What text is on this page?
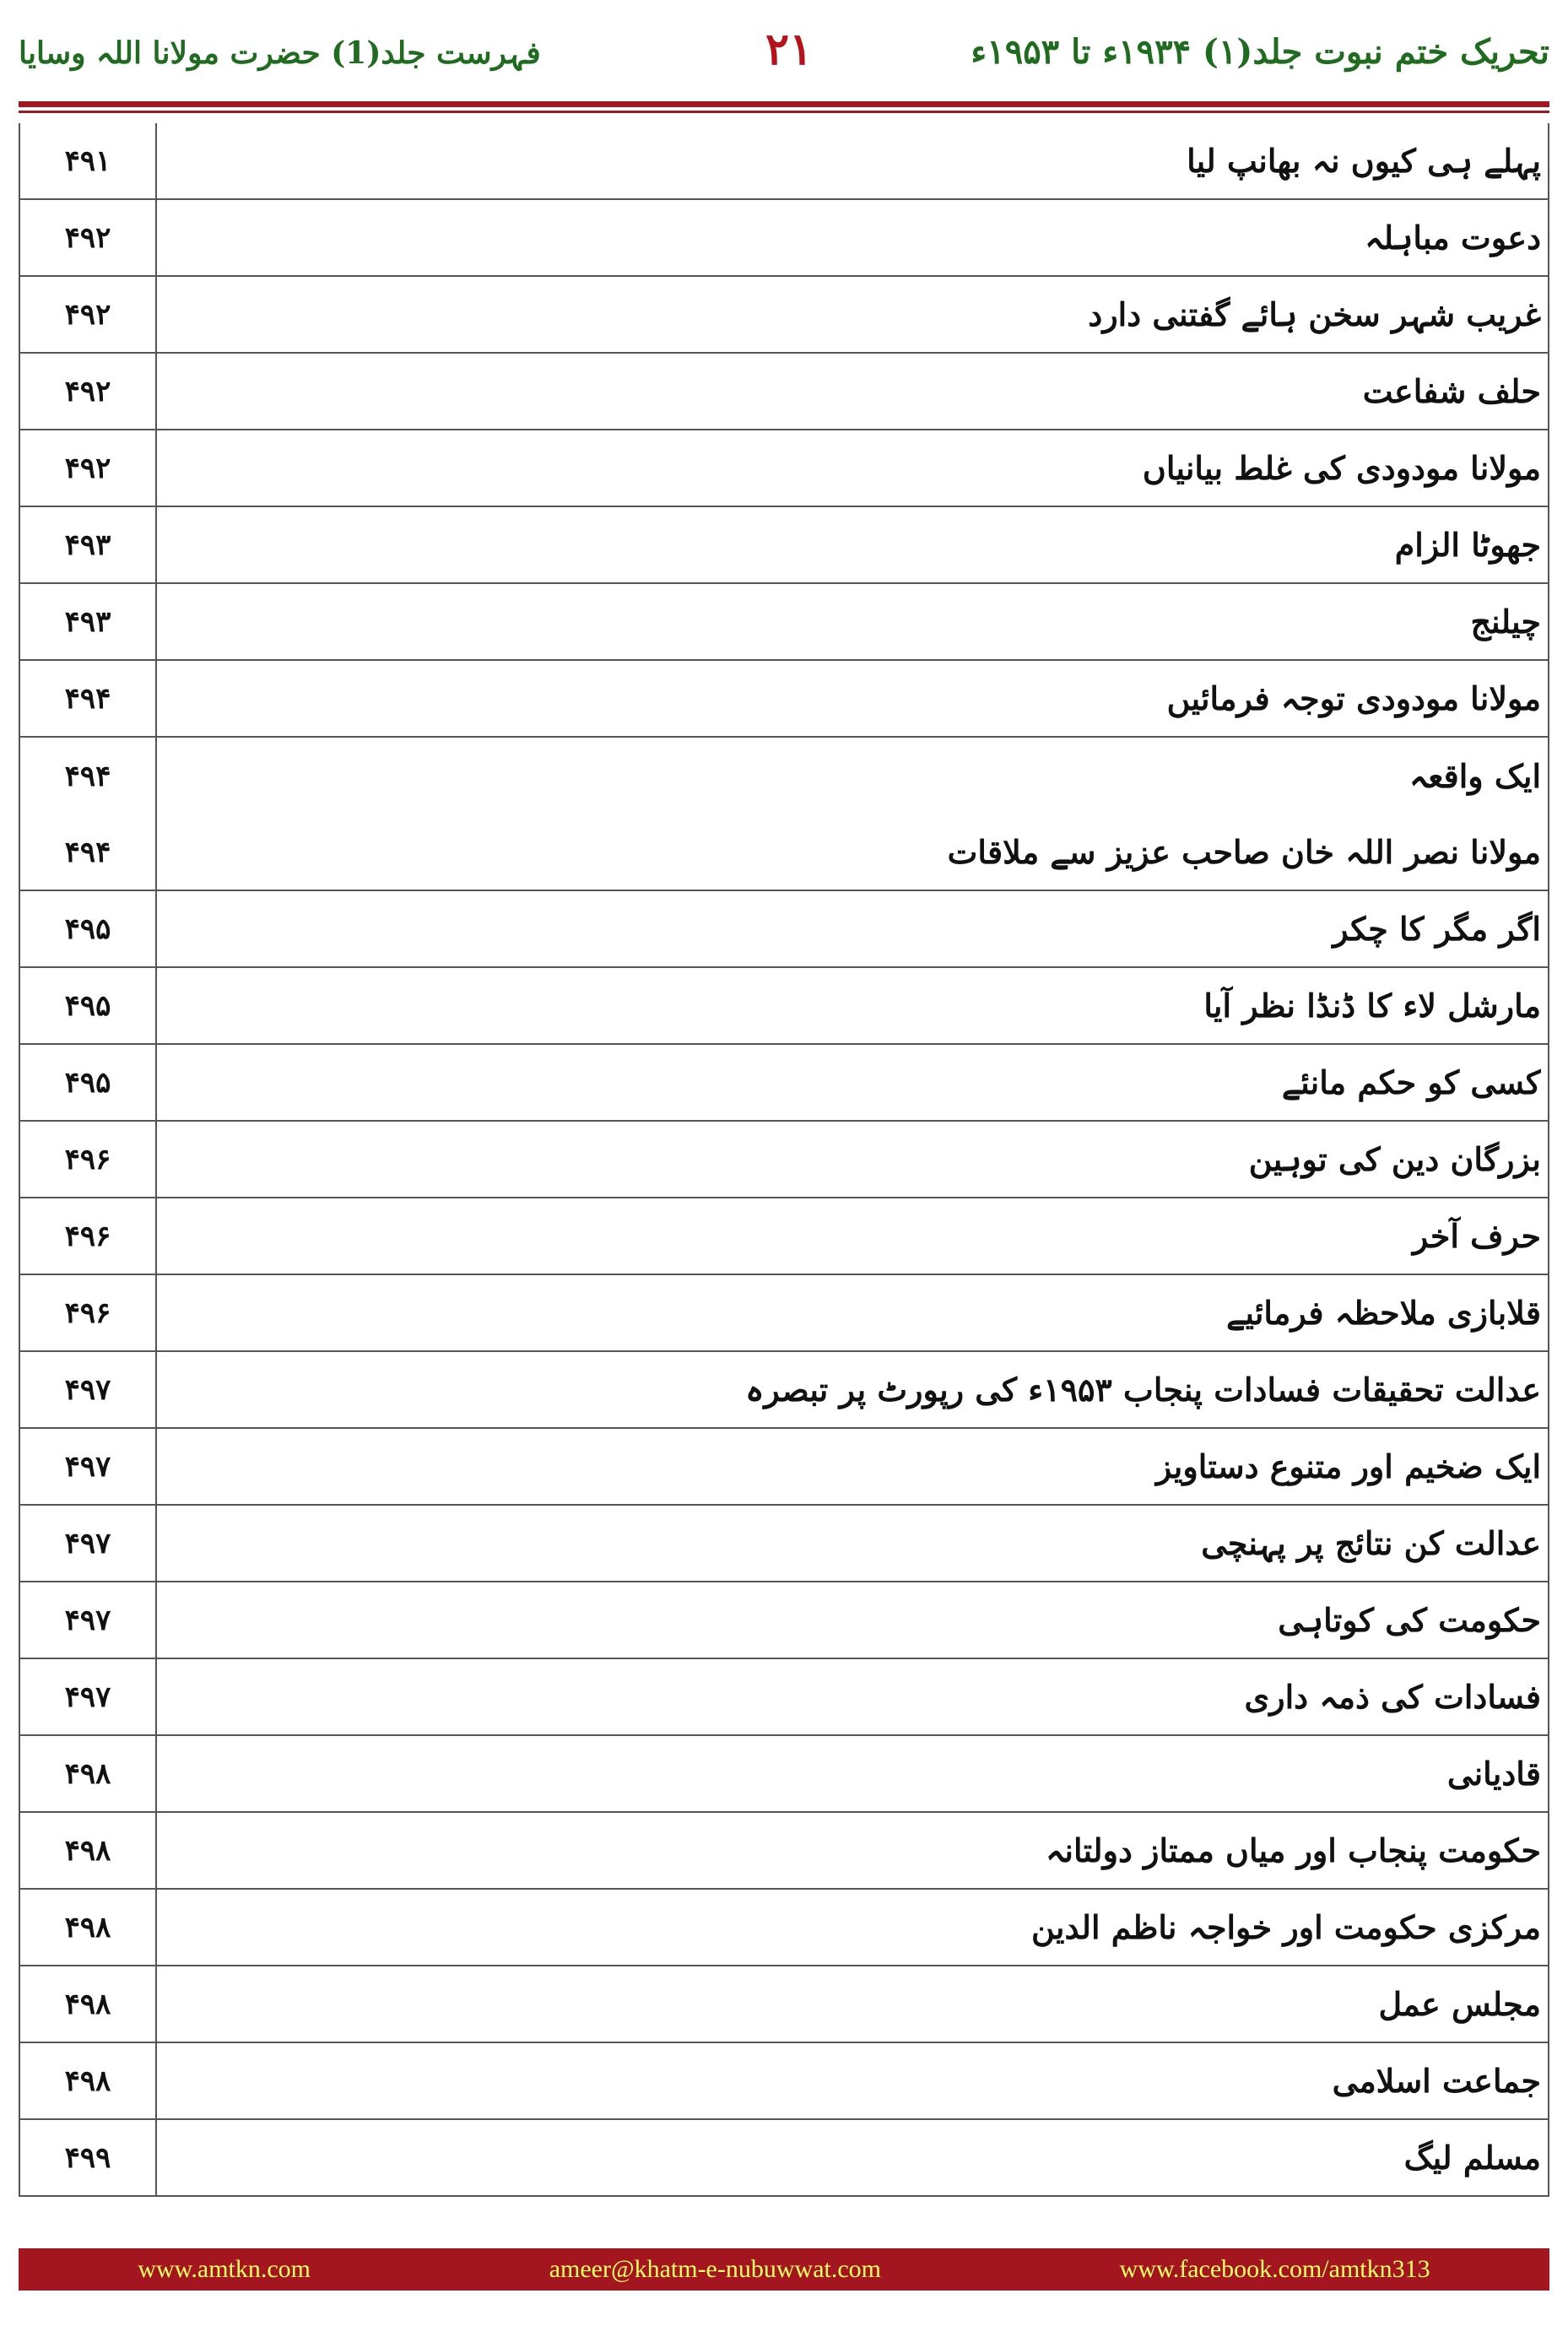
تحریک ختم نبوت جلد(۱) ۱۹۳۴ء تا ۱۹۵۳ء
۲۱
فہرست جلد(1) حضرت مولانا اللہ وسایا
۴۹۱	پہلے ہی کیوں نہ بھانپ لیا
۴۹۲	دعوت مباہلہ
۴۹۲	غریب شہر سخن ہائے گفتنی دارد
۴۹۲	حلف شفاعت
۴۹۲	مولانا مودودی کی غلط بیانیاں
۴۹۳	جھوٹا الزام
۴۹۳	چیلنج
۴۹۴	مولانا مودودی توجہ فرمائیں
۴۹۴	ایک واقعہ
۴۹۴	مولانا نصر اللہ خان صاحب عزیز سے ملاقات
۴۹۵	اگر مگر کا چکر
۴۹۵	مارشل لاء کا ڈنڈا نظر آیا
۴۹۵	کسی کو حکم مانئے
۴۹۶	بزرگان دین کی توہین
۴۹۶	حرف آخر
۴۹۶	قلابازی ملاحظہ فرمائیے
۴۹۷	عدالت تحقیقات فسادات پنجاب ۱۹۵۳ء کی رپورٹ پر تبصرہ
۴۹۷	ایک ضخیم اور متنوع دستاویز
۴۹۷	عدالت کن نتائج پر پہنچی
۴۹۷	حکومت کی کوتاہی
۴۹۷	فسادات کی ذمہ داری
۴۹۸	قادیانی
۴۹۸	حکومت پنجاب اور میاں ممتاز دولتانہ
۴۹۸	مرکزی حکومت اور خواجہ ناظم الدین
۴۹۸	مجلس عمل
۴۹۸	جماعت اسلامی
۴۹۹	مسلم لیگ
www.amtkn.com	ameer@khatm-e-nubuwwat.com	www.facebook.com/amtkn313
